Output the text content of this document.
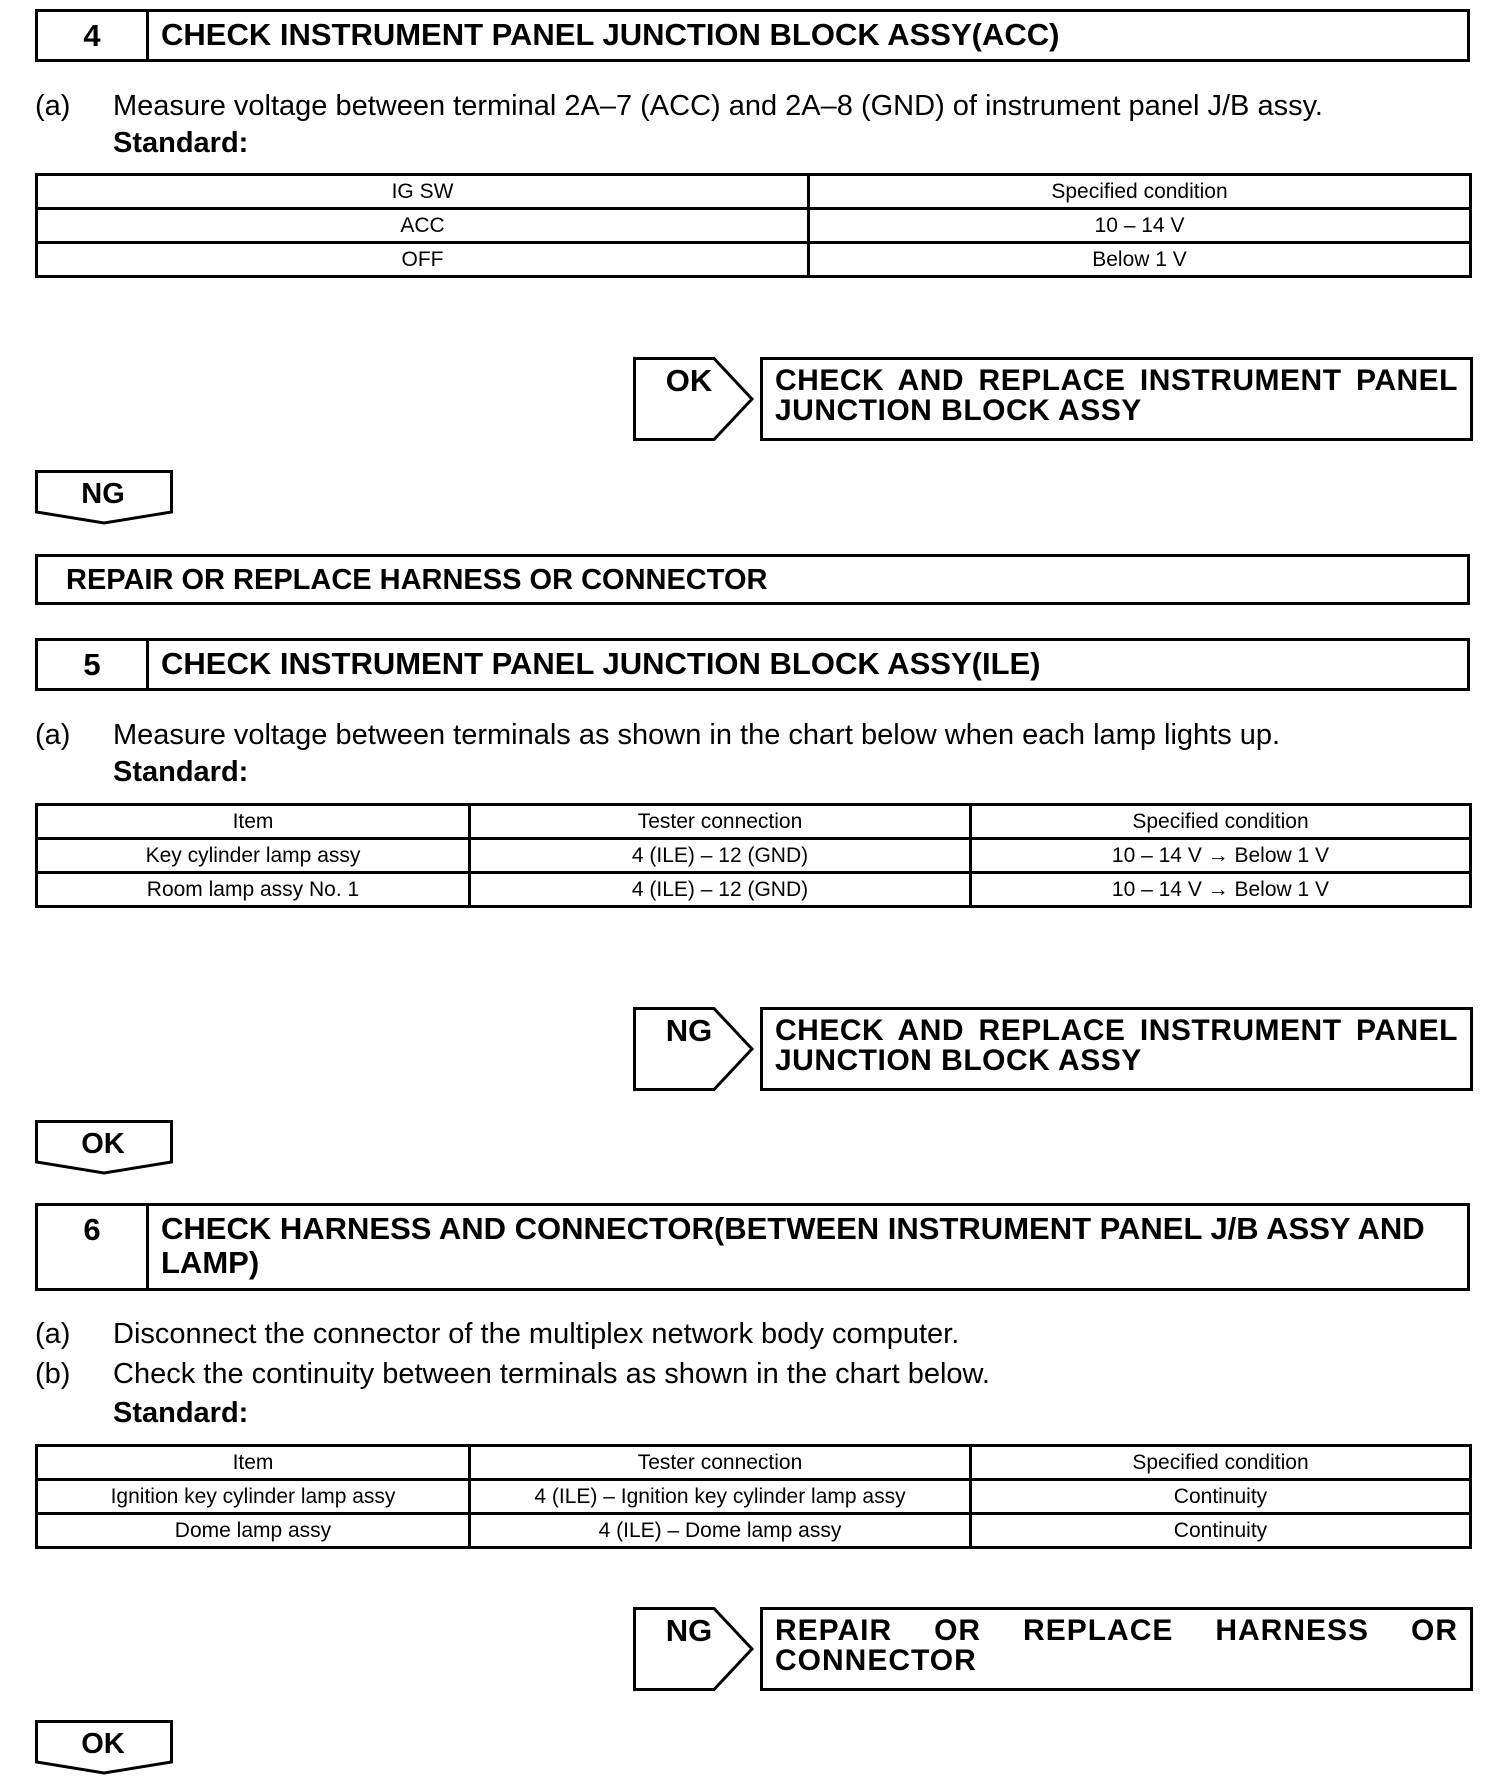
4	CHECK INSTRUMENT PANEL JUNCTION BLOCK ASSY(ACC)
(a) Measure voltage between terminal 2A–7 (ACC) and 2A–8 (GND) of instrument panel J/B assy.
Standard:
IG SW	Specified condition
ACC	10 – 14 V
OFF	Below 1 V
OK	CHECK AND REPLACE INSTRUMENT PANEL JUNCTION BLOCK ASSY
NG
REPAIR OR REPLACE HARNESS OR CONNECTOR
5	CHECK INSTRUMENT PANEL JUNCTION BLOCK ASSY(ILE)
(a) Measure voltage between terminals as shown in the chart below when each lamp lights up.
Standard:
Item	Tester connection	Specified condition
Key cylinder lamp assy	4 (ILE) – 12 (GND)	10 – 14 V → Below 1 V
Room lamp assy No. 1	4 (ILE) – 12 (GND)	10 – 14 V → Below 1 V
NG	CHECK AND REPLACE INSTRUMENT PANEL JUNCTION BLOCK ASSY
OK
6	CHECK HARNESS AND CONNECTOR(BETWEEN INSTRUMENT PANEL J/B ASSY AND LAMP)
(a) Disconnect the connector of the multiplex network body computer.
(b) Check the continuity between terminals as shown in the chart below.
Standard:
Item	Tester connection	Specified condition
Ignition key cylinder lamp assy	4 (ILE) – Ignition key cylinder lamp assy	Continuity
Dome lamp assy	4 (ILE) – Dome lamp assy	Continuity
NG	REPAIR OR REPLACE HARNESS OR CONNECTOR
OK
